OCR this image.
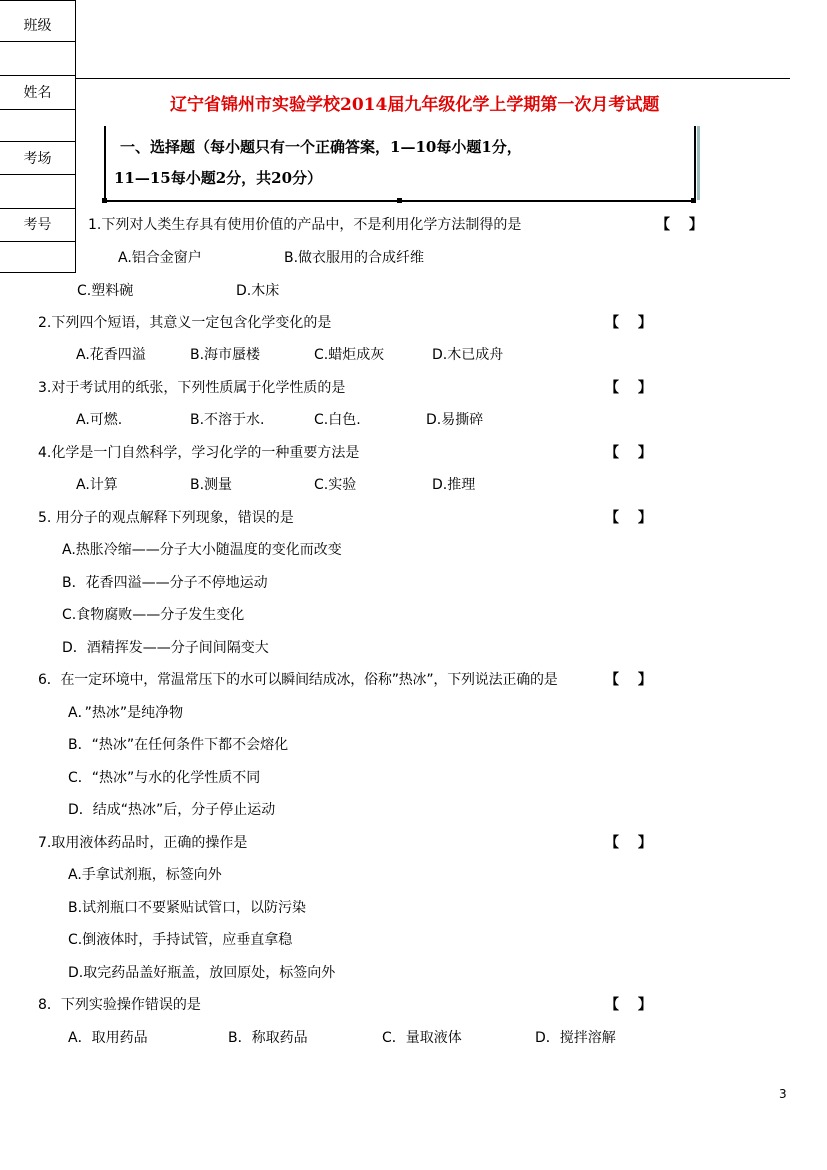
班级
姓名
考场
考号
辽宁省锦州市实验学校2014届九年级化学上学期第一次月考试题
一、选择题（每小题只有一个正确答案，1—10每小题1分，
11—15每小题2分，共20分）
1.下列对人类生存具有使用价值的产品中，不是利用化学方法制得的是	【　 】
A.铝合金窗户	B.做衣服用的合成纤维
C.塑料碗	D.木床
2.下列四个短语，其意义一定包含化学变化的是	【　 】
A.花香四溢	B.海市蜃楼	C.蜡炬成灰	D.木已成舟
3.对于考试用的纸张，下列性质属于化学性质的是	【　 】
A.可燃.	B.不溶于水.	C.白色.	D.易撕碎
4.化学是一门自然科学，学习化学的一种重要方法是	【　 】
A.计算	B.测量	C.实验	D.推理
5. 用分子的观点解释下列现象，错误的是	【　 】
A.热胀冷缩——分子大小随温度的变化而改变
B．花香四溢——分子不停地运动
C.食物腐败——分子发生变化
D．酒精挥发——分子间间隔变大
6．在一定环境中，常温常压下的水可以瞬间结成冰，俗称”热冰”，下列说法正确的是	【　 】
A．”热冰”是纯净物
B．“热冰”在任何条件下都不会熔化
C．“热冰”与水的化学性质不同
D．结成“热冰”后，分子停止运动
7.取用液体药品时，正确的操作是	【　 】
A.手拿试剂瓶，标签向外
B.试剂瓶口不要紧贴试管口，以防污染
C.倒液体时，手持试管，应垂直拿稳
D.取完药品盖好瓶盖，放回原处，标签向外
8．下列实验操作错误的是	【　 】
A．取用药品	B．称取药品	C．量取液体	D．搅拌溶解
3
